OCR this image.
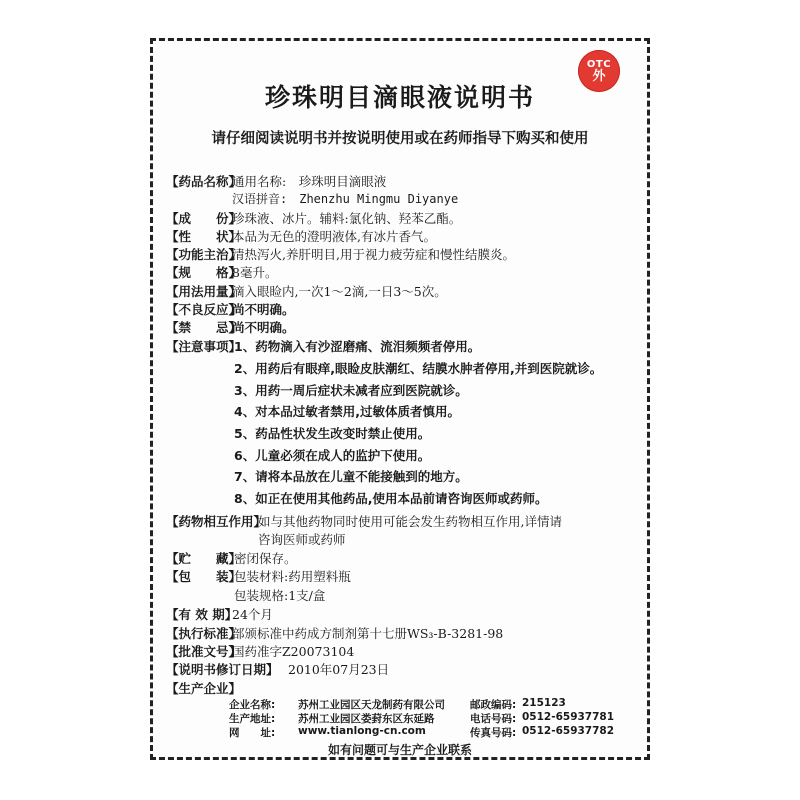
OTC
外
珍珠明目滴眼液说明书

请仔细阅读说明书并按说明使用或在药师指导下购买和使用

【药品名称】
通用名称:　珍珠明目滴眼液
汉语拼音:　Zhenzhu Mingmu Diyanye
【成　　份】
珍珠液、冰片。辅料:氯化钠、羟苯乙酯。
【性　　状】
本品为无色的澄明液体,有冰片香气。
【功能主治】
清热泻火,养肝明目,用于视力疲劳症和慢性结膜炎。
【规　　格】
8毫升。
【用法用量】
滴入眼睑内,一次1～2滴,一日3～5次。
【不良反应】
尚不明确。
【禁　　忌】
尚不明确。
【注意事项】
1、药物滴入有沙涩磨痛、流泪频频者停用。
2、用药后有眼痒,眼睑皮肤潮红、结膜水肿者停用,并到医院就诊。
3、用药一周后症状未减者应到医院就诊。
4、对本品过敏者禁用,过敏体质者慎用。
5、药品性状发生改变时禁止使用。
6、儿童必须在成人的监护下使用。
7、请将本品放在儿童不能接触到的地方。
8、如正在使用其他药品,使用本品前请咨询医师或药师。
【药物相互作用】
如与其他药物同时使用可能会发生药物相互作用,详情请
咨询医师或药师
【贮　　藏】
密闭保存。
【包　　装】
包装材料:药用塑料瓶
包装规格:1支/盒
【有 效 期】
24个月
【执行标准】
部颁标准中药成方制剂第十七册WS₃-B-3281-98
【批准文号】
国药准字Z20073104
【说明书修订日期】 2010年07月23日
【生产企业】
企业名称: 苏州工业园区天龙制药有限公司
生产地址: 苏州工业园区娄葑东区东延路
邮政编码: 215123
电话号码: 0512-65937781
传真号码: 0512-65937782
网　　址: www.tianlong-cn.com
如有问题可与生产企业联系
